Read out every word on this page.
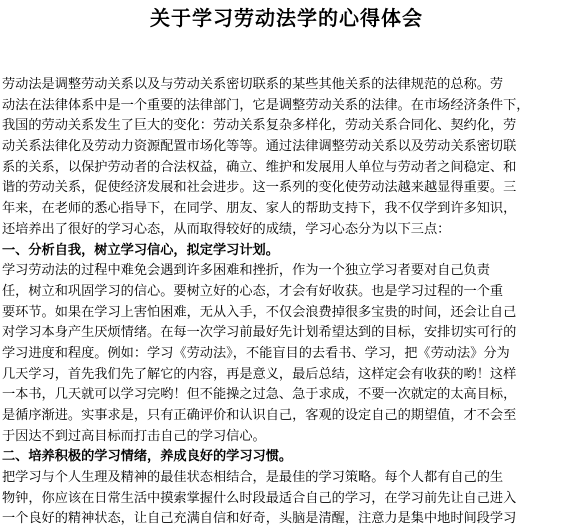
关于学习劳动法学的心得体会
劳动法是调整劳动关系以及与劳动关系密切联系的某些其他关系的法律规范的总称。劳
动法在法律体系中是一个重要的法律部门，它是调整劳动关系的法律。在市场经济条件下，
我国的劳动关系发生了巨大的变化：劳动关系复杂多样化，劳动关系合同化、契约化，劳
动关系法律化及劳动力资源配置市场化等等。通过法律调整劳动关系以及劳动关系密切联
系的关系，以保护劳动者的合法权益，确立、维护和发展用人单位与劳动者之间稳定、和
谐的劳动关系，促使经济发展和社会进步。这一系列的变化使劳动法越来越显得重要。三
年来，在老师的悉心指导下，在同学、朋友、家人的帮助支持下，我不仅学到许多知识，
还培养出了很好的学习心态，从而取得较好的成绩，学习心态分为以下三点：
一、分析自我，树立学习信心，拟定学习计划。
学习劳动法的过程中难免会遇到许多困难和挫折，作为一个独立学习者要对自己负责
任，树立和巩固学习的信心。要树立好的心态，才会有好收获。也是学习过程的一个重
要环节。如果在学习上害怕困难，无从入手，不仅会浪费掉很多宝贵的时间，还会让自己
对学习本身产生厌烦情绪。在每一次学习前最好先计划希望达到的目标，安排切实可行的
学习进度和程度。例如：学习《劳动法》，不能盲目的去看书、学习，把《劳动法》分为
几天学习，首先我们先了解它的内容，再是意义，最后总结，这样定会有收获的哟！这样
一本书，几天就可以学习完哟！但不能操之过急、急于求成，不要一次就定的太高目标，
是循序渐进。实事求是，只有正确评价和认识自己，客观的设定自己的期望值，才不会至
于因达不到过高目标而打击自己的学习信心。
二、培养积极的学习情绪，养成良好的学习习惯。
把学习与个人生理及精神的最佳状态相结合，是最佳的学习策略。每个人都有自己的生
物钟，你应该在日常生活中摸索掌握什么时段最适合自己的学习，在学习前先让自己进入
一个良好的精神状态，让自己充满自信和好奇，头脑是清醒，注意力是集中地时间段学习
